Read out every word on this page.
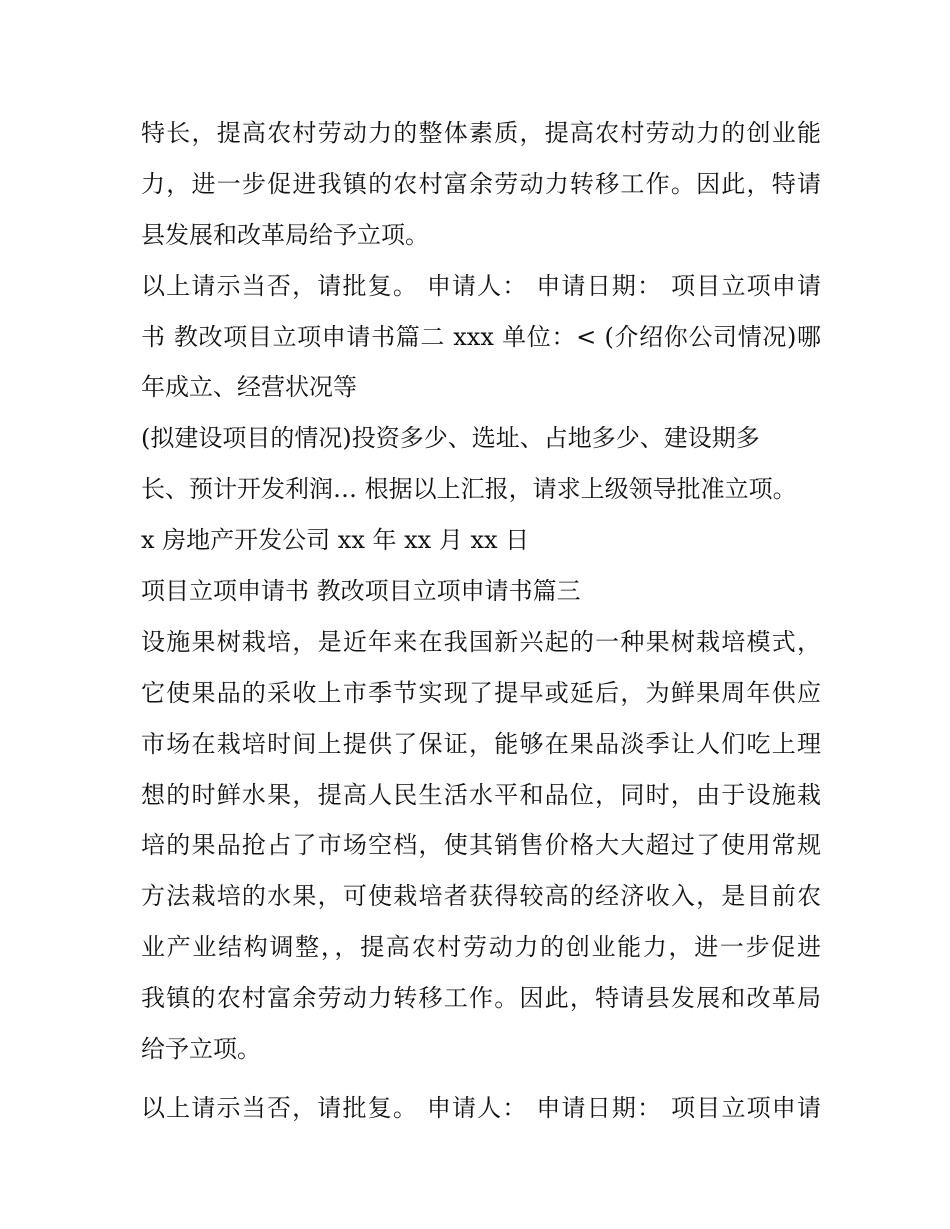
特长，提高农村劳动力的整体素质，提高农村劳动力的创业能
力，进一步促进我镇的农村富余劳动力转移工作。因此，特请
县发展和改革局给予立项。
以上请示当否，请批复。 申请人： 申请日期： 项目立项申请
书 教改项目立项申请书篇二 xxx 单位：< (介绍你公司情况)哪
年成立、经营状况等
(拟建设项目的情况)投资多少、选址、占地多少、建设期多
长、预计开发利润… 根据以上汇报，请求上级领导批准立项。
x 房地产开发公司 xx 年 xx 月 xx 日
项目立项申请书 教改项目立项申请书篇三
设施果树栽培，是近年来在我国新兴起的一种果树栽培模式，
它使果品的采收上市季节实现了提早或延后，为鲜果周年供应
市场在栽培时间上提供了保证，能够在果品淡季让人们吃上理
想的时鲜水果，提高人民生活水平和品位，同时，由于设施栽
培的果品抢占了市场空档，使其销售价格大大超过了使用常规
方法栽培的水果，可使栽培者获得较高的经济收入，是目前农
业产业结构调整，，提高农村劳动力的创业能力，进一步促进
我镇的农村富余劳动力转移工作。因此，特请县发展和改革局
给予立项。
以上请示当否，请批复。 申请人： 申请日期： 项目立项申请
